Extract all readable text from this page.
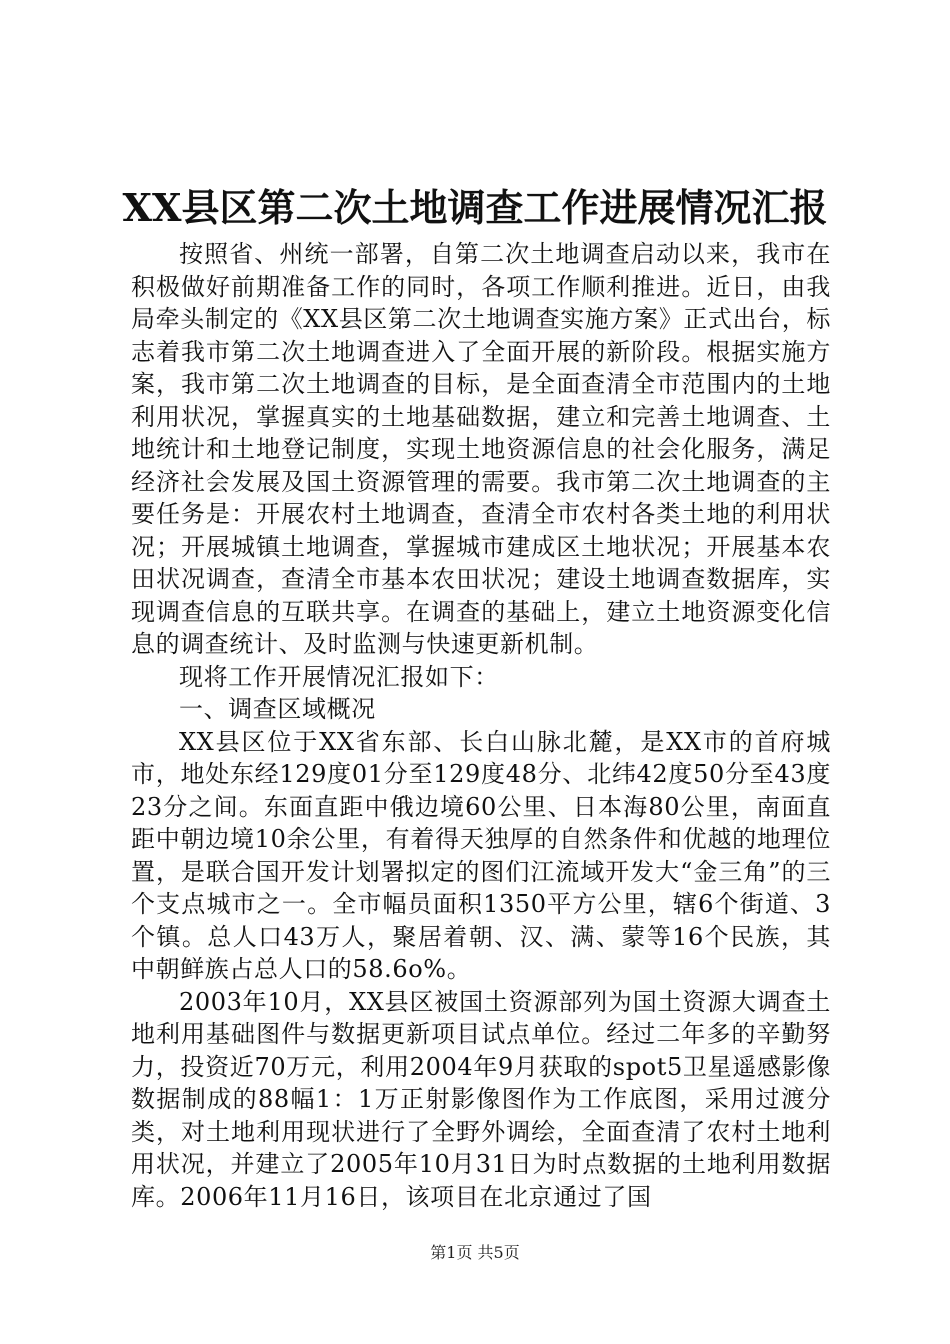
XX县区第二次土地调查工作进展情况汇报

按照省、州统一部署，自第二次土地调查启动以来，我市在积极做好前期准备工作的同时，各项工作顺利推进。近日，由我局牵头制定的《XX县区第二次土地调查实施方案》正式出台，标志着我市第二次土地调查进入了全面开展的新阶段。根据实施方案，我市第二次土地调查的目标，是全面查清全市范围内的土地利用状况，掌握真实的土地基础数据，建立和完善土地调查、土地统计和土地登记制度，实现土地资源信息的社会化服务，满足经济社会发展及国土资源管理的需要。我市第二次土地调查的主要任务是：开展农村土地调查，查清全市农村各类土地的利用状况；开展城镇土地调查，掌握城市建成区土地状况；开展基本农田状况调查，查清全市基本农田状况；建设土地调查数据库，实现调查信息的互联共享。在调查的基础上，建立土地资源变化信息的调查统计、及时监测与快速更新机制。

现将工作开展情况汇报如下：

一、调查区域概况

XX县区位于XX省东部、长白山脉北麓，是XX市的首府城市，地处东经129度01分至129度48分、北纬42度50分至43度23分之间。东面直距中俄边境60公里、日本海80公里，南面直距中朝边境10余公里，有着得天独厚的自然条件和优越的地理位置，是联合国开发计划署拟定的图们江流域开发大“金三角”的三个支点城市之一。全市幅员面积1350平方公里，辖6个街道、3个镇。总人口43万人，聚居着朝、汉、满、蒙等16个民族，其中朝鲜族占总人口的58.6o%。

2003年10月，XX县区被国土资源部列为国土资源大调查土地利用基础图件与数据更新项目试点单位。经过二年多的辛勤努力，投资近70万元，利用2004年9月获取的spot5卫星遥感影像数据制成的88幅1：1万正射影像图作为工作底图，采用过渡分类，对土地利用现状进行了全野外调绘，全面查清了农村土地利用状况，并建立了2005年10月31日为时点数据的土地利用数据库。2006年11月16日，该项目在北京通过了国

第1页 共5页
